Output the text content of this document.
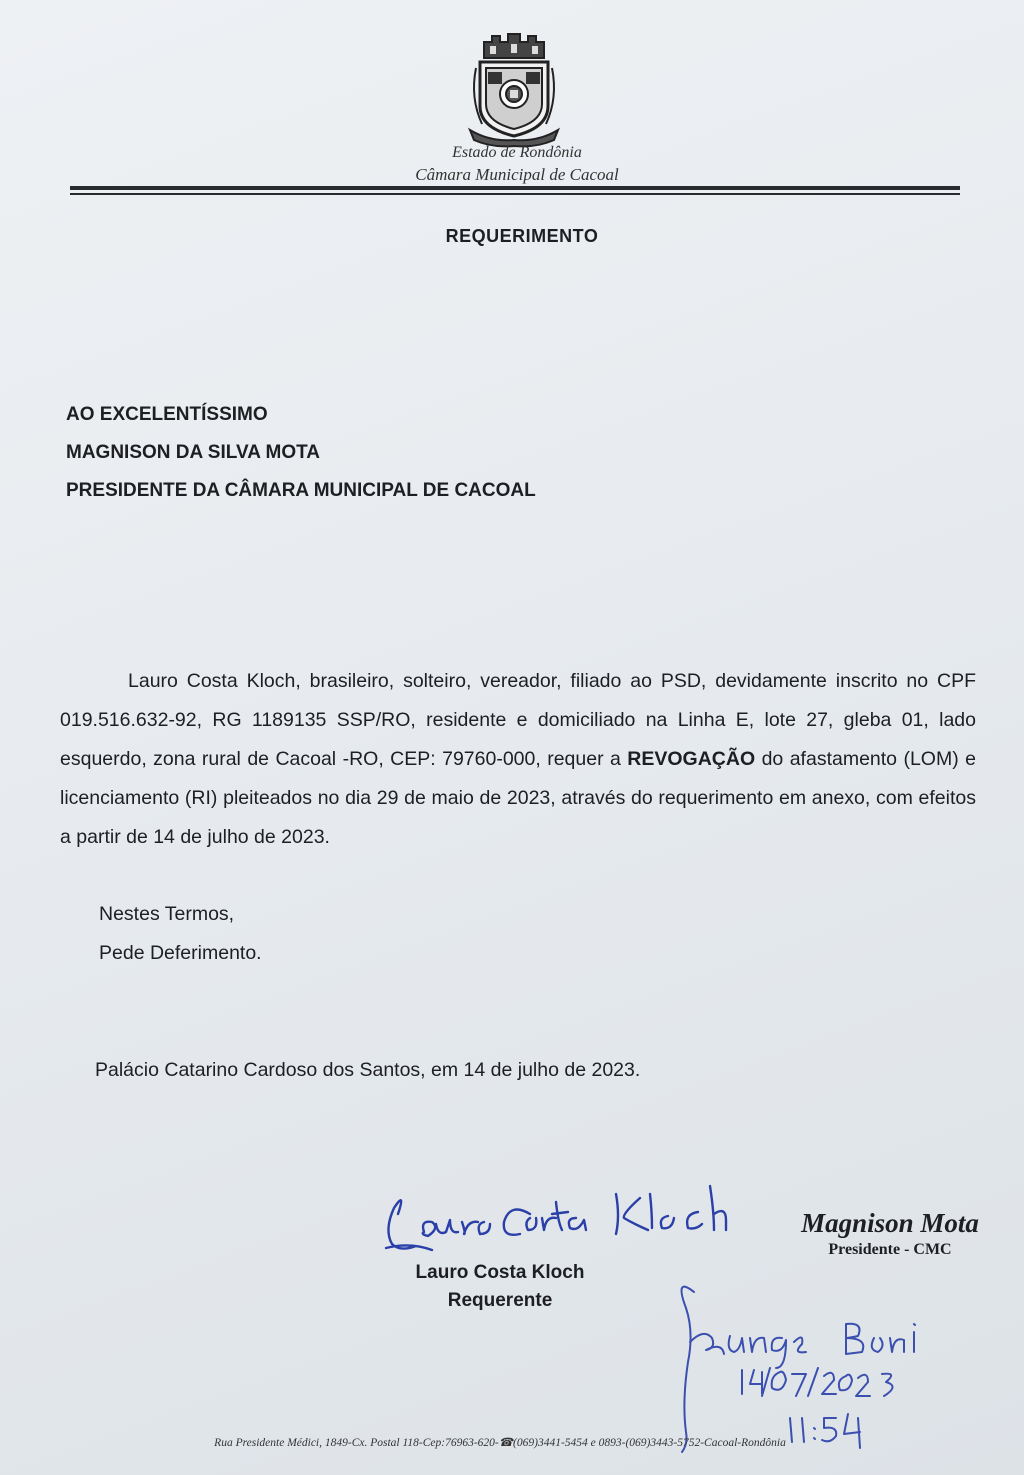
Estado de Rondônia
Câmara Municipal de Cacoal
REQUERIMENTO
AO EXCELENTÍSSIMO
MAGNISON DA SILVA MOTA
PRESIDENTE DA CÂMARA MUNICIPAL DE CACOAL
Lauro Costa Kloch, brasileiro, solteiro, vereador, filiado ao PSD, devidamente inscrito no CPF 019.516.632-92, RG 1189135 SSP/RO, residente e domiciliado na Linha E, lote 27, gleba 01, lado esquerdo, zona rural de Cacoal -RO, CEP: 79760-000, requer a REVOGAÇÃO do afastamento (LOM) e licenciamento (RI) pleiteados no dia 29 de maio de 2023, através do requerimento em anexo, com efeitos a partir de 14 de julho de 2023.
Nestes Termos,
Pede Deferimento.
Palácio Catarino Cardoso dos Santos, em 14 de julho de 2023.
Lauro Costa Kloch
Requerente
Magnison Mota
Presidente - CMC
Rua Presidente Médici, 1849-Cx. Postal 118-Cep:76963-620-☎(069)3441-5454 e 0893-(069)3443-5752-Cacoal-Rondônia
